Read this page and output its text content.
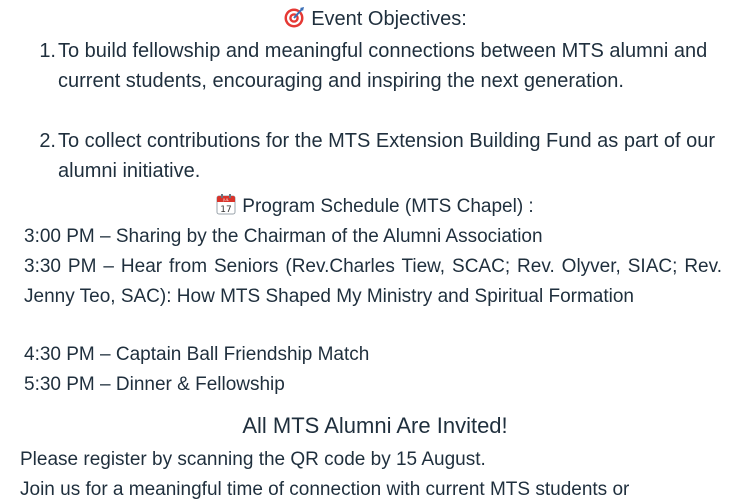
Event Objectives:
1. To build fellowship and meaningful connections between MTS alumni and current students, encouraging and inspiring the next generation.
2. To collect contributions for the MTS Extension Building Fund as part of our alumni initiative.
JUL
17 Program Schedule (MTS Chapel) :
3:00 PM – Sharing by the Chairman of the Alumni Association
3:30 PM – Hear from Seniors (Rev.Charles Tiew, SCAC; Rev. Olyver, SIAC; Rev. Jenny Teo, SAC): How MTS Shaped My Ministry and Spiritual Formation
4:30 PM – Captain Ball Friendship Match
5:30 PM – Dinner & Fellowship
All MTS Alumni Are Invited!
Please register by scanning the QR code by 15 August.
Join us for a meaningful time of connection with current MTS students or
